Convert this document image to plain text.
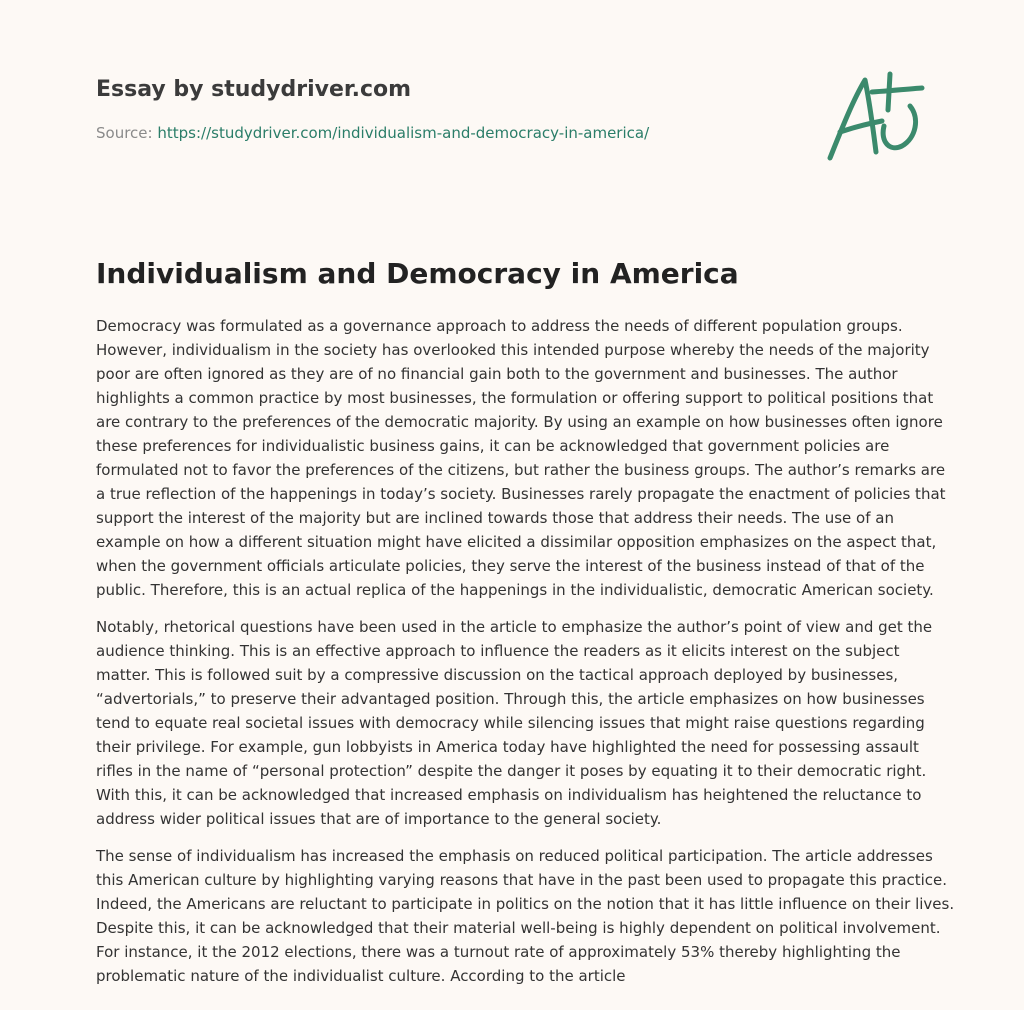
Essay by studydriver.com
Source: https://studydriver.com/individualism-and-democracy-in-america/
Individualism and Democracy in America

Democracy was formulated as a governance approach to address the needs of different population groups.
However, individualism in the society has overlooked this intended purpose whereby the needs of the majority
poor are often ignored as they are of no financial gain both to the government and businesses. The author
highlights a common practice by most businesses, the formulation or offering support to political positions that
are contrary to the preferences of the democratic majority. By using an example on how businesses often ignore
these preferences for individualistic business gains, it can be acknowledged that government policies are
formulated not to favor the preferences of the citizens, but rather the business groups. The author’s remarks are
a true reflection of the happenings in today’s society. Businesses rarely propagate the enactment of policies that
support the interest of the majority but are inclined towards those that address their needs. The use of an
example on how a different situation might have elicited a dissimilar opposition emphasizes on the aspect that,
when the government officials articulate policies, they serve the interest of the business instead of that of the
public. Therefore, this is an actual replica of the happenings in the individualistic, democratic American society.

Notably, rhetorical questions have been used in the article to emphasize the author’s point of view and get the
audience thinking. This is an effective approach to influence the readers as it elicits interest on the subject
matter. This is followed suit by a compressive discussion on the tactical approach deployed by businesses,
“advertorials,” to preserve their advantaged position. Through this, the article emphasizes on how businesses
tend to equate real societal issues with democracy while silencing issues that might raise questions regarding
their privilege. For example, gun lobbyists in America today have highlighted the need for possessing assault
rifles in the name of “personal protection” despite the danger it poses by equating it to their democratic right.
With this, it can be acknowledged that increased emphasis on individualism has heightened the reluctance to
address wider political issues that are of importance to the general society.

The sense of individualism has increased the emphasis on reduced political participation. The article addresses
this American culture by highlighting varying reasons that have in the past been used to propagate this practice.
Indeed, the Americans are reluctant to participate in politics on the notion that it has little influence on their lives.
Despite this, it can be acknowledged that their material well-being is highly dependent on political involvement.
For instance, it the 2012 elections, there was a turnout rate of approximately 53% thereby highlighting the
problematic nature of the individualist culture. According to the article
